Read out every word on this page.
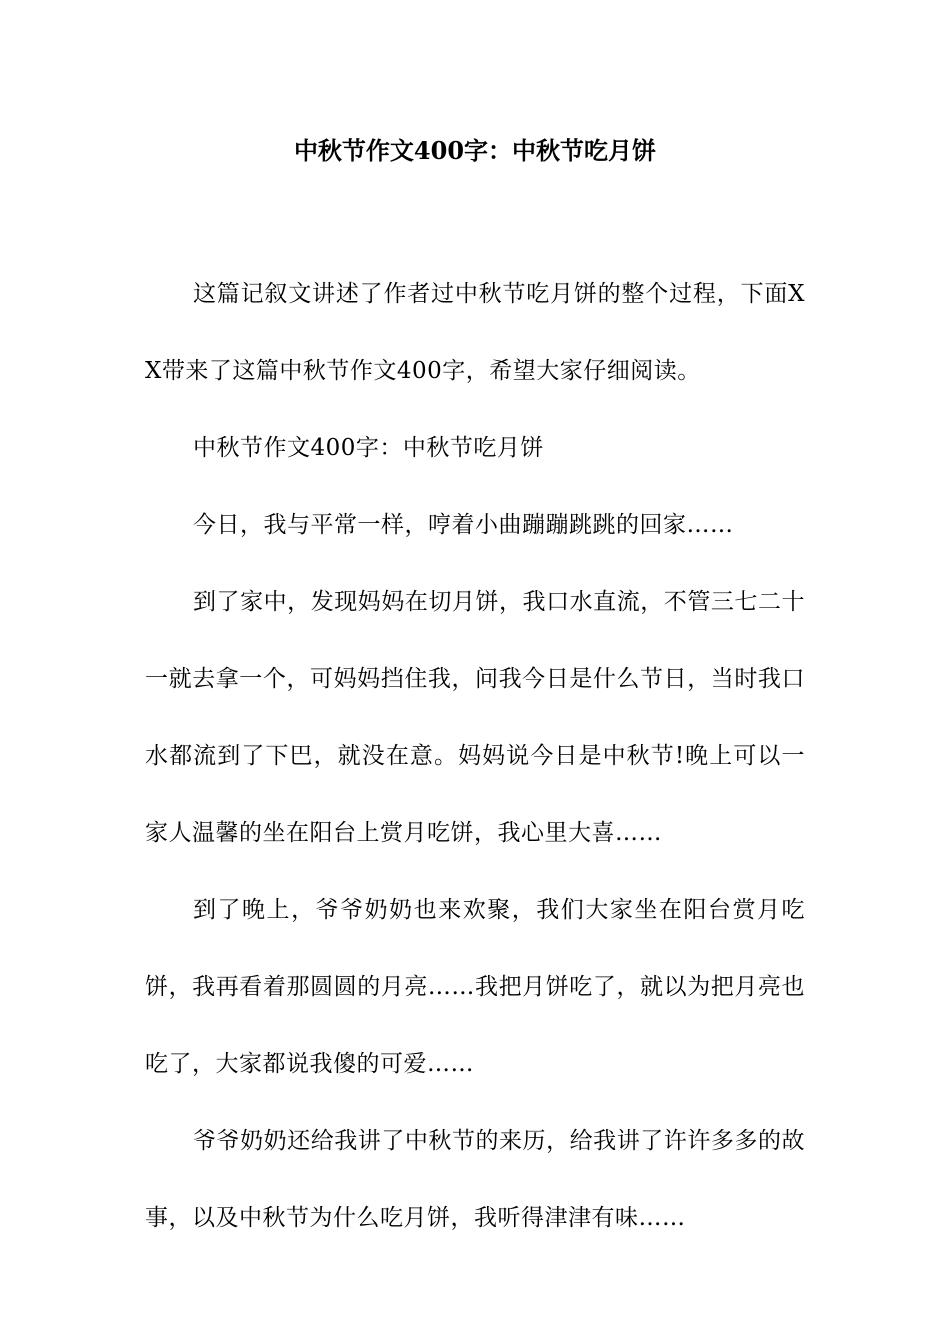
中秋节作文400字：中秋节吃月饼

这篇记叙文讲述了作者过中秋节吃月饼的整个过程，下面XX带来了这篇中秋节作文400字，希望大家仔细阅读。

中秋节作文400字：中秋节吃月饼

今日，我与平常一样，哼着小曲蹦蹦跳跳的回家……

到了家中，发现妈妈在切月饼，我口水直流，不管三七二十一就去拿一个，可妈妈挡住我，问我今日是什么节日，当时我口水都流到了下巴，就没在意。妈妈说今日是中秋节!晚上可以一家人温馨的坐在阳台上赏月吃饼，我心里大喜……

到了晚上，爷爷奶奶也来欢聚，我们大家坐在阳台赏月吃饼，我再看着那圆圆的月亮……我把月饼吃了，就以为把月亮也吃了，大家都说我傻的可爱……

爷爷奶奶还给我讲了中秋节的来历，给我讲了许许多多的故事，以及中秋节为什么吃月饼，我听得津津有味……
